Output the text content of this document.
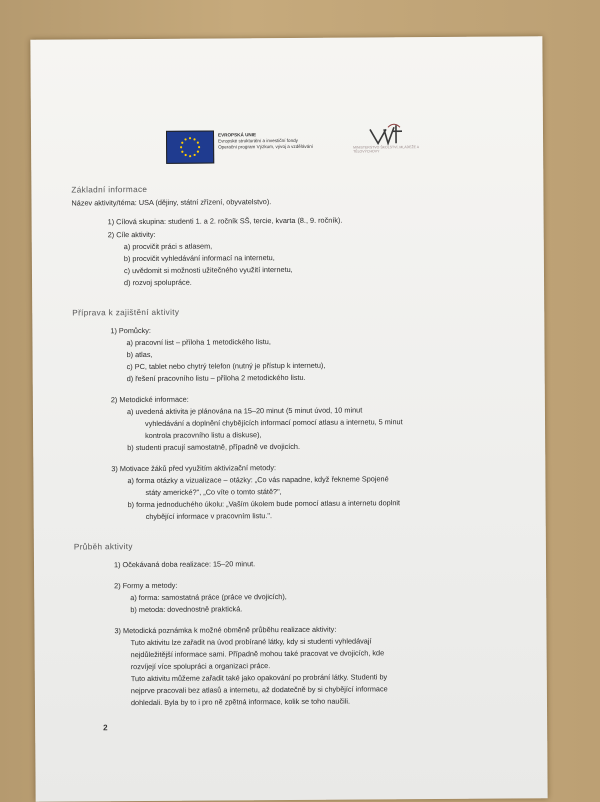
EVROPSKÁ UNIE
Evropské strukturální a investiční fondy
Operační program Výzkum, vývoj a vzdělávání	MINISTERSTVO ŠKOLSTVÍ, MLÁDEŽE A TĚLOVÝCHOVY
Základní informace
Název aktivity/téma: USA (dějiny, státní zřízení, obyvatelstvo).
1) Cílová skupina: studenti 1. a 2. ročník SŠ, tercie, kvarta (8., 9. ročník).
2) Cíle aktivity:
a) procvičit práci s atlasem,
b) procvičit vyhledávání informací na internetu,
c) uvědomit si možnosti užitečného využití internetu,
d) rozvoj spolupráce.
Příprava k zajištění aktivity
1) Pomůcky:
a) pracovní list – příloha 1 metodického listu,
b) atlas,
c) PC, tablet nebo chytrý telefon (nutný je přístup k internetu),
d) řešení pracovního listu – příloha 2 metodického listu.
2) Metodické informace:
a) uvedená aktivita je plánována na 15–20 minut (5 minut úvod, 10 minut
vyhledávání a doplnění chybějících informací pomocí atlasu a internetu, 5 minut
kontrola pracovního listu a diskuse),
b) studenti pracují samostatně, případně ve dvojicích.
3) Motivace žáků před využitím aktivizační metody:
a) forma otázky a vizualizace – otázky: „Co vás napadne, když řekneme Spojené
státy americké?", „Co víte o tomto státě?",
b) forma jednoduchého úkolu: „Vaším úkolem bude pomocí atlasu a internetu doplnit
chybějící informace v pracovním listu.".
Průběh aktivity
1) Očekávaná doba realizace: 15–20 minut.
2) Formy a metody:
a) forma: samostatná práce (práce ve dvojicích),
b) metoda: dovednostně praktická.
3) Metodická poznámka k možné obměně průběhu realizace aktivity:
Tuto aktivitu lze zařadit na úvod probírané látky, kdy si studenti vyhledávají
nejdůležitější informace sami. Případně mohou také pracovat ve dvojicích, kde
rozvíjejí více spolupráci a organizaci práce.
Tuto aktivitu můžeme zařadit také jako opakování po probrání látky. Studenti by
nejprve pracovali bez atlasů a internetu, až dodatečně by si chybějící informace
dohledali. Byla by to i pro ně zpětná informace, kolik se toho naučili.
2
